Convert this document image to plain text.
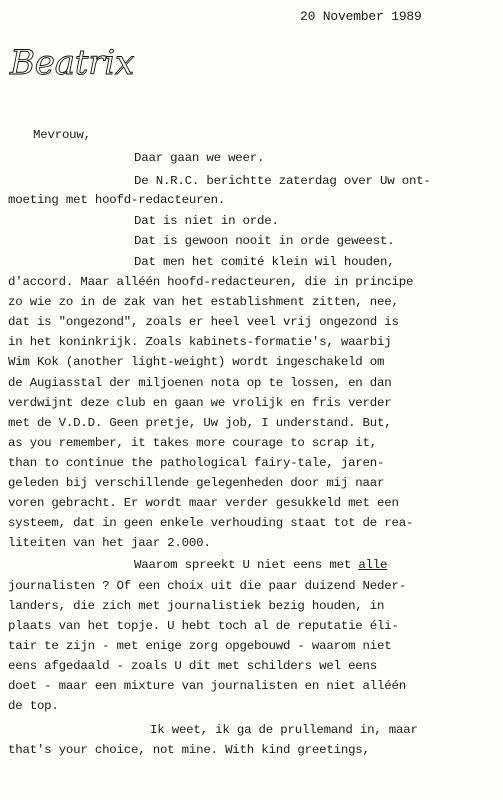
20 November 1989
Beatrix
Mevrouw,
Daar gaan we weer.
De N.R.C. berichtte zaterdag over Uw ont-
moeting met hoofd-redacteuren.
Dat is niet in orde.
Dat is gewoon nooit in orde geweest.
Dat men het comité klein wil houden,
d'accord. Maar alléén hoofd-redacteuren, die in principe
zo wie zo in de zak van het establishment zitten, nee,
dat is "ongezond", zoals er heel veel vrij ongezond is
in het koninkrijk. Zoals kabinets-formatie's, waarbij
Wim Kok (another light-weight) wordt ingeschakeld om
de Augiasstal der miljoenen nota op te lossen, en dan
verdwijnt deze club en gaan we vrolijk en fris verder
met de V.D.D. Geen pretje, Uw job, I understand. But,
as you remember, it takes more courage to scrap it,
than to continue the pathological fairy-tale, jaren-
geleden bij verschillende gelegenheden door mij naar
voren gebracht. Er wordt maar verder gesukkeld met een
systeem, dat in geen enkele verhouding staat tot de rea-
liteiten van het jaar 2.000.
Waarom spreekt U niet eens met alle
journalisten ? Of een choix uit die paar duizend Neder-
landers, die zich met journalistiek bezig houden, in
plaats van het topje. U hebt toch al de reputatie éli-
tair te zijn - met enige zorg opgebouwd - waarom niet
eens afgedaald - zoals U dit met schilders wel eens
doet - maar een mixture van journalisten en niet alléén
de top.
Ik weet, ik ga de prullemand in, maar
that's your choice, not mine. With kind greetings,
